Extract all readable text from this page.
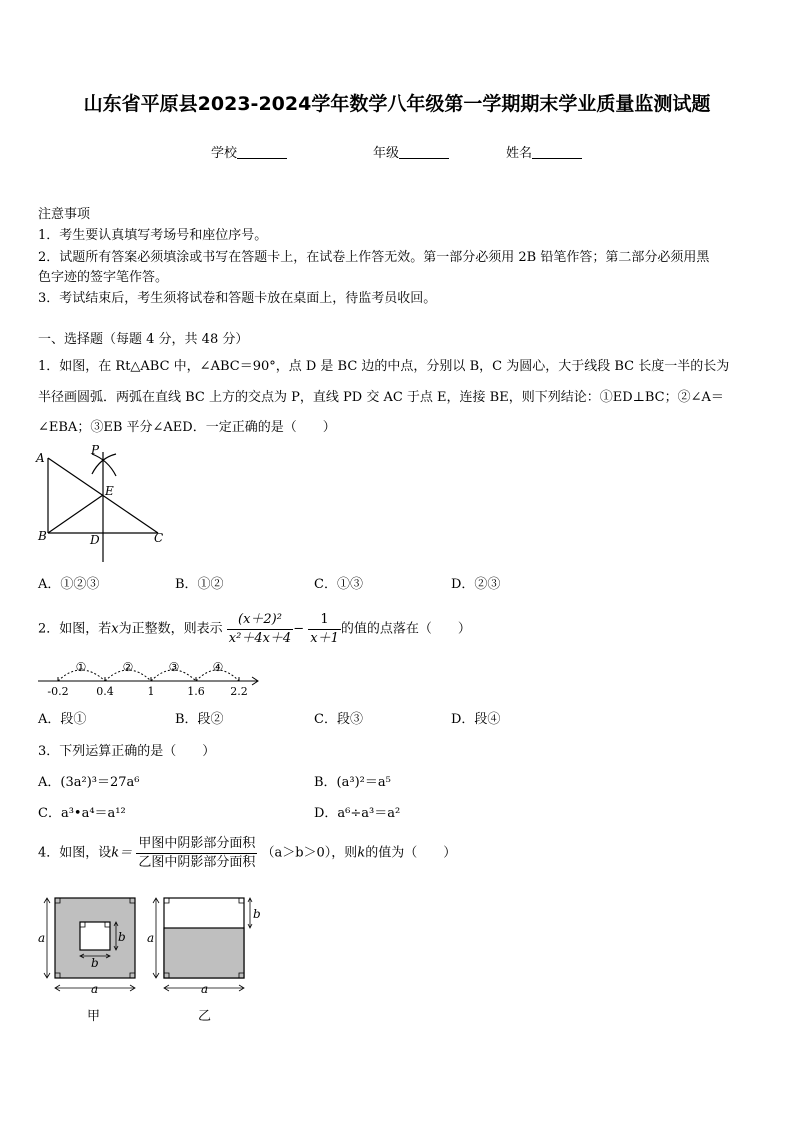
山东省平原县2023-2024学年数学八年级第一学期期末学业质量监测试题
学校	年级	姓名
注意事项
1．考生要认真填写考场号和座位序号。
2．试题所有答案必须填涂或书写在答题卡上，在试卷上作答无效。第一部分必须用 2B 铅笔作答；第二部分必须用黑
色字迹的签字笔作答。
3．考试结束后，考生须将试卷和答题卡放在桌面上，待监考员收回。
一、选择题（每题 4 分，共 48 分）
1．如图，在 Rt△ABC 中，∠ABC＝90°，点 D 是 BC 边的中点，分别以 B，C 为圆心，大于线段 BC 长度一半的长为
半径画圆弧．两弧在直线 BC 上方的交点为 P，直线 PD 交 AC 于点 E，连接 BE，则下列结论：①ED⊥BC；②∠A＝
∠EBA；③EB 平分∠AED．一定正确的是（　　）
A
P
E
B	D	C
A．①②③	B．①②	C．①③	D．②③
2．如图，若x为正整数，则表示 $\frac{\text{(x＋2)²}}{\text{x²＋4x＋4}} - \frac{1}{x+1}$ 的值的点落在（　　）
①	②	③	④
-0.2	0.4	1	1.6 2.2
A．段①	B．段②	C．段③	D．段④
3．下列运算正确的是（　　）
A．(3a²)³＝27a⁶	B．(a³)²＝a⁵
C．a³•a⁴＝a¹²	D．a⁶÷a³＝a²
4．如图，设$k= \frac{\text{甲图中阴影部分面积}}{\text{乙图中阴影部分面积}} (a>b>0)$，则k的值为（　　）
a
a
b
b
甲
a
a
b
乙
